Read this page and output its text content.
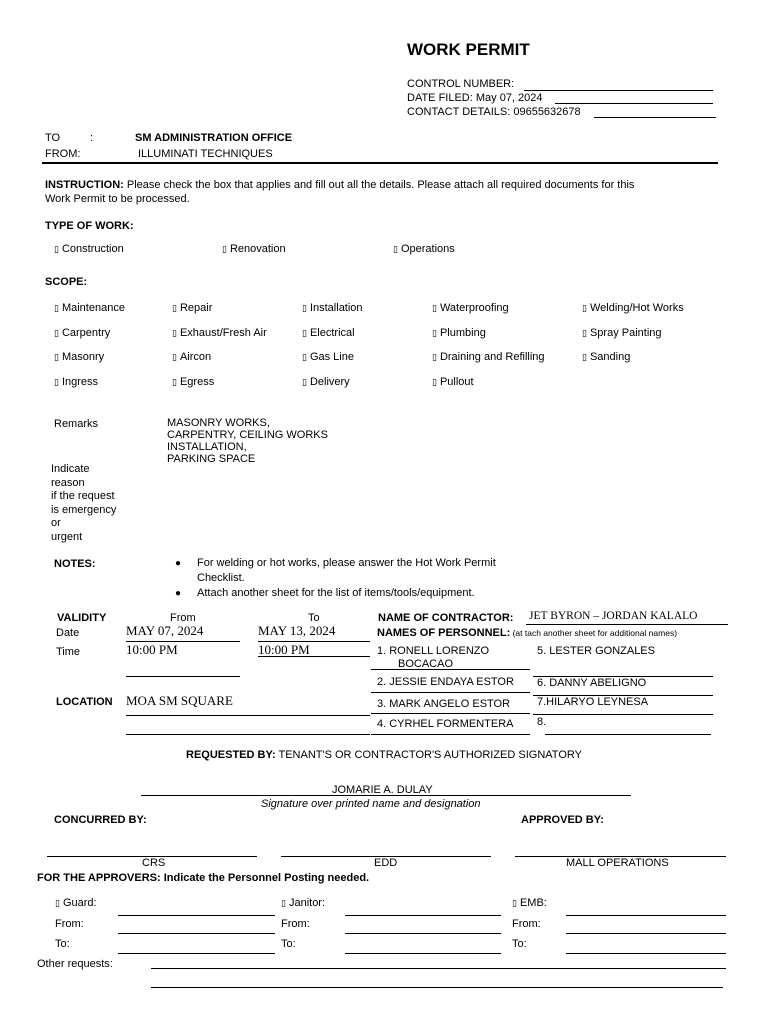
WORK PERMIT
CONTROL NUMBER:
DATE FILED: May 07, 2024
CONTACT DETAILS: 09655632678
TO	:	SM ADMINISTRATION OFFICE
FROM:	ILLUMINATI TECHNIQUES
INSTRUCTION: Please check the box that applies and fill out all the details. Please attach all required documents for this
Work Permit to be processed.
TYPE OF WORK:
▯ Construction	▯ Renovation	▯ Operations
SCOPE:
▯ Maintenance	▯ Repair	▯ Installation	▯ Waterproofing	▯ Welding/Hot Works
▯ Carpentry	▯ Exhaust/Fresh Air	▯ Electrical	▯ Plumbing	▯ Spray Painting
▯ Masonry	▯ Aircon	▯ Gas Line	▯ Draining and Refilling	▯ Sanding
▯ Ingress	▯ Egress	▯ Delivery	▯ Pullout
Remarks	MASONRY WORKS,
CARPENTRY, CEILING WORKS
INSTALLATION,
PARKING SPACE
Indicate
reason
if the request
is emergency
or
urgent
NOTES:	● For welding or hot works, please answer the Hot Work Permit
Checklist.
● Attach another sheet for the list of items/tools/equipment.
VALIDITY	From	To
Date	MAY 07, 2024	MAY 13, 2024
Time	10:00 PM	10:00 PM
LOCATION MOA SM SQUARE
NAME OF CONTRACTOR: JET BYRON – JORDAN KALALO
NAMES OF PERSONNEL: (at tach another sheet for additional names)
1. RONELL LORENZO
BOCACAO
2. JESSIE ENDAYA ESTOR
3. MARK ANGELO ESTOR
4. CYRHEL FORMENTERA
5. LESTER GONZALES
6. DANNY ABELIGNO
7.HILARYO LEYNESA
8.
REQUESTED BY: TENANT'S OR CONTRACTOR'S AUTHORIZED SIGNATORY
JOMARIE A. DULAY
Signature over printed name and designation
CONCURRED BY:	APPROVED BY:
CRS	EDD	MALL OPERATIONS
FOR THE APPROVERS: Indicate the Personnel Posting needed.
▯ Guard:	▯ Janitor:	▯ EMB:
From:	From:	From:
To:	To:	To:
Other requests:
